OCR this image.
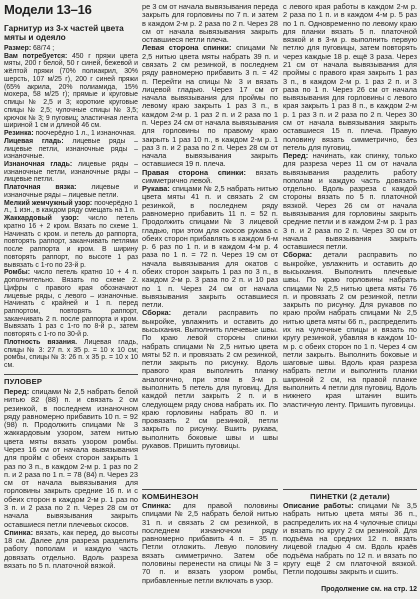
Модели 13–16
Гарнитур из 3-х частей цвета мяты и одеяло

Размер: 68/74 ;

Вам потребуется: 450 г пряжи цвета мяты, 200 г белой, 50 г синей, бежевой и жёлтой пряжи (70% полиакрил, 30% шерсть, 107 м/25 г), 200 г синей пряжи (65% акрила, 20% полиамида, 15% мохера, 58 м/25 г); прямые и круговые спицы № 2,5 и 3; короткие круговые спицы № 2,5; чулочные спицы № 3,5; крючок № 3; 9 пуговиц; эластичная лента шириной 1 см и длиной 46 см.

Резинка: поочерёдно 1 л., 1 изнаночная.

Лицевая гладь: лицевые ряды – лицевые петли, изнаночные ряды – изнаночные.

Изнаночная гладь: лицевые ряды – изнаночные петли, изнаночные ряды – лицевые петли.

Платочная вязка: лицевые и изнаночные ряды – лицевые петли.

Мелкий жемчужный узор: поочерёдно 1 л., 1 изн., в каждом ряду смещать на 1 п.

Жаккардовый узор: число петель кратно 16 + 2 кром. Вязать по схеме 1. Начинать с кром. и петель до раппорта, повторять раппорт, заканчивать петлями после раппорта и кром. В ширину повторять раппорт, по высоте 1 раз вывязать с 1-го по 23-й р.

Ромбы: число петель кратно 10 + 4 п. дополнительно. Вязать по схеме 2. Цифры с правого края обозначают лицевые ряды, с левого – изнаночные. Начинать с крайней и 1 п. перед раппортом, повторять раппорт, заканчивать 2 п. после раппорта и кром. Вывязать 1 раз с 1-го по 8-й р., затем повторять с 1-го по 30-й р.

Плотность вязания. Лицевая гладь, спицы № 3: 27 п. х 35 р. = 10 х 10 см; ромбы, спицы № 3: 26 п. х 35 р. = 10 х 10 см.

ПУЛОВЕР

Перед: спицами № 2,5 набрать белой нитью 82 (88) п. и связать 2 см резинкой, в последнем изнаночном ряду равномерно прибавить 10 п. = 92 (98) п. Продолжить спицами № 3 жаккардовым узором, затем нитью цвета мяты вязать узором ромбы. Через 16 см от начала вывязывания для пройм с обеих сторон закрыть 1 раз по 3 п., в каждом 2-м р. 1 раз по 2 п. и 2 раза по 1 п. = 78 (84) п. Через 23 см от начала вывязывания для горловины закрыть средние 16 п. и с обеих сторон в каждом 2-м р. 1 раз по 3 п. и 2 раза по 2 п. Через 28 см от начала вывязывания закрыть оставшиеся петли плечевых скосов.

Спинка: вязать, как перед, до высоты 18 см. Далее для разреза разделить работу пополам и каждую часть довязать отдельно. Вдоль разреза вязать по 5 п. платочной вязкой.

ре 3 см от начала вывязывания переда закрыть для горловины по 7 п. и затем в каждом 2-м р. 2 раза по 2 п. Через 28 см от начала вывязывания закрыть оставшиеся петли плеча.

Левая сторона спинки: спицами № 2,5 нитью цвета мяты набрать 39 п. и связать 2 см резинкой, в последнем ряду равномерно прибавить 3 п. = 42 п. Перейти на спицы № 3 и вязать лицевой гладью. Через 17 см от начала вывязывания для проймы по левому краю закрыть 1 раз 3 п., в каждом 2-м р. 1 раз 2 п. и 2 раза по 1 п. Через 24 см от начала вывязывания для горловины по правому краю закрыть 1 раз 10 п., в каждом 2-м р. 1 раз 3 п. и 2 раза по 2 п. Через 28 см от начала вывязывания закрыть оставшиеся 19 п. плеча.

Правая сторона спинки: вязать симметрично левой.

Рукава: спицами № 2,5 набрать нитью цвета мяты 41 п. и связать 2 см резинкой, в последнем ряду равномерно прибавить 11 п. = 52 п. Продолжить спицами № 3 лицевой гладью, при этом для скосов рукава с обеих сторон прибавлять в каждом 6-м р. 6 раз по 1 п. и в каждом 4-м р. 4 раза по 1 п. = 72 п. Через 19 см от начала вывязывания для окатов с обеих сторон закрыть 1 раз по 3 п., в каждом 2-м р. 3 раза по 2 п. и 10 раз по 1 п. Через 24 см от начала вывязывания закрыть оставшиеся петли.

Сборка: детали расправить по выкройке, увлажнить и оставить до высыхания. Выполнить плечевые швы. По краю левой стороны спинки набрать спицами № 2,5 нитью цвета мяты 52 п. и провязать 2 см резинкой, петли закрыть по рисунку. Вдоль правого края выполнить планку аналогично, при этом в 3-м р. выполнить 5 петель для пуговиц. Для каждой петли закрыть 2 п. и в следующем ряду снова набрать их. По краю горловины набрать 80 п. и провязать 2 см резинкой, петли закрыть по рисунку. Вшить рукава, выполнить боковые швы и швы рукавов. Пришить пуговицы.

КОМБИНЕЗОН

Спинка: для правой половины спицами № 2,5 набрать белой нитью 31 п. и связать 2 см резинкой, в последнем изнаночном ряду равномерно прибавить 4 п. = 35 п. Петли отложить. Левую половину вязать симметрично. Затем обе половины перенести на спицы № 3 = 70 п. и вязать узором ромбы, прибавленные петли включать в узор.

с левого края работы в каждом 2-м р. 2 раза по 1 п. и в каждом 4-м р. 5 раз по 1 п. Одновременно по левому краю для планки вязать 5 п. платочной вязкой и в 3-м р. выполнить первую петлю для пуговицы, затем повторять через каждые 18 р. ещё 3 раза. Через 21 см от начала вывязывания для проймы с правого края закрыть 1 раз 3 п., в каждом 2-м р. 1 раз 2 п. и 3 раза по 1 п. Через 26 см от начала вывязывания для горловины с левого края закрыть 1 раз 8 п., в каждом 2-м р. 1 раз 3 п. и 2 раза по 2 п. Через 30 см от начала вывязывания закрыть оставшиеся 15 п. плеча. Правую половину вязать симметрично, без петель для пуговиц.

Перед: начинать, как спинку, только для разреза через 11 см от начала вывязывания разделить работу пополам и каждую часть довязать отдельно. Вдоль разреза с каждой стороны вязать по 5 п. платочной вязкой. Через 26 см от начала вывязывания для горловины закрыть средние петли и в каждом 2-м р. 1 раз 3 п. и 2 раза по 2 п. Через 30 см от начала вывязывания закрыть оставшиеся петли.

Сборка: детали расправить по выкройке, увлажнить и оставить до высыхания. Выполнить плечевые швы. По краю горловины набрать спицами № 2,5 нитью цвета мяты 76 п. и провязать 2 см резинкой, петли закрыть по рисунку. Для рукавов по краю пройм набрать спицами № 2,5 нитью цвета мяты 66 п., распределить их на чулочные спицы и вязать по кругу резинкой, убавляя в каждом 10-м р. с обеих сторон по 1 п. Через 4 см петли закрыть. Выполнить боковые и шаговые швы. Вдоль края разреза набрать петли и выполнить планки шириной 2 см, на правой планке выполнить 4 петли для пуговиц. Вдоль нижнего края штанин вшить эластичную ленту. Пришить пуговицы.

ПИНЕТКИ (2 детали)

Описание работы: спицами № 3,5 набрать нитью цвета мяты 36 п., распределить их на 4 чулочные спицы и вязать по кругу 2 см резинкой. Для подъёма на средних 12 п. вязать лицевой гладью 4 см. Вдоль краёв подъёма набрать по 12 п. и вязать по кругу ещё 2 см платочной вязкой. Петли подошвы закрыть и сшить.

Продолжение см. на стр. 12
